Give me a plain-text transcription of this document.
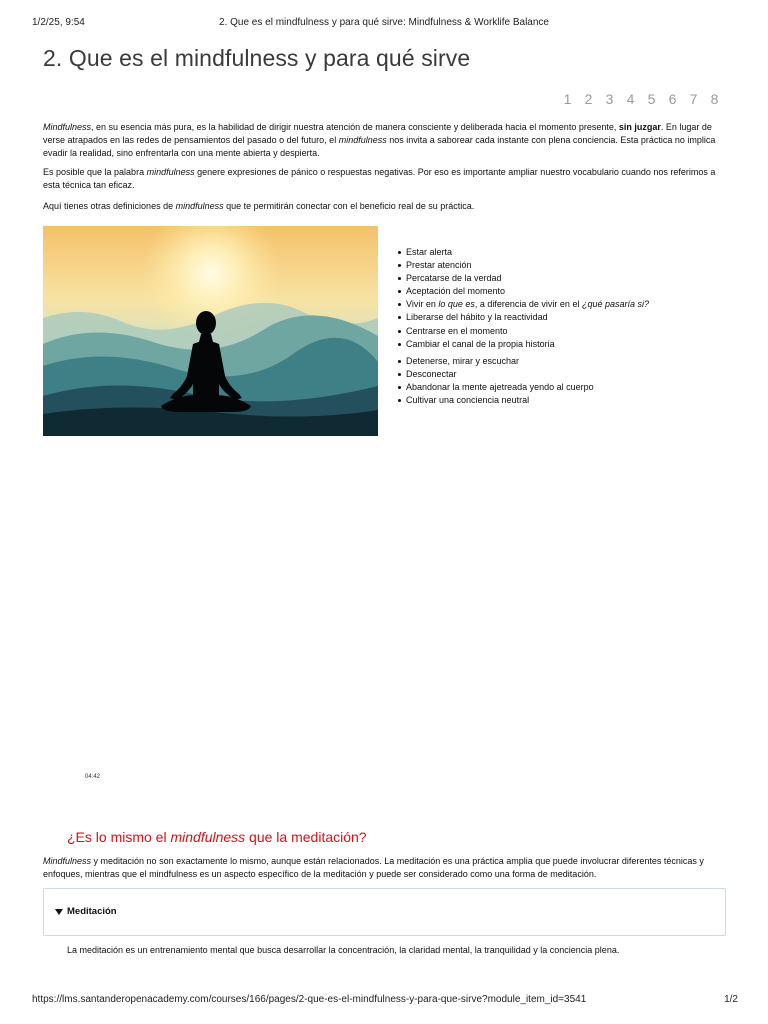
1/2/25, 9:54	2. Que es el mindfulness y para qué sirve: Mindfulness & Worklife Balance
2. Que es el mindfulness y para qué sirve
1 2 3 4 5 6 7 8

Mindfulness, en su esencia más pura, es la habilidad de dirigir nuestra atención de manera consciente y deliberada hacia el momento presente, sin juzgar. En lugar de verse atrapados en las redes de pensamientos del pasado o del futuro, el mindfulness nos invita a saborear cada instante con plena conciencia. Esta práctica no implica evadir la realidad, sino enfrentarla con una mente abierta y despierta.

Es posible que la palabra mindfulness genere expresiones de pánico o respuestas negativas. Por eso es importante ampliar nuestro vocabulario cuando nos referimos a esta técnica tan eficaz.

Aquí tienes otras definiciones de mindfulness que te permitirán conectar con el beneficio real de su práctica.

Estar alerta
Prestar atención
Percatarse de la verdad
Aceptación del momento
Vivir en lo que es, a diferencia de vivir en el ¿qué pasaría si?
Liberarse del hábito y la reactividad
Centrarse en el momento
Cambiar el canal de la propia historia
Detenerse, mirar y escuchar
Desconectar
Abandonar la mente ajetreada yendo al cuerpo
Cultivar una conciencia neutral
04:42
¿Es lo mismo el mindfulness que la meditación?

Mindfulness y meditación no son exactamente lo mismo, aunque están relacionados. La meditación es una práctica amplia que puede involucrar diferentes técnicas y enfoques, mientras que el mindfulness es un aspecto específico de la meditación y puede ser considerado como una forma de meditación.

Meditación
La meditación es un entrenamiento mental que busca desarrollar la concentración, la claridad mental, la tranquilidad y la conciencia plena.
https://lms.santanderopenacademy.com/courses/166/pages/2-que-es-el-mindfulness-y-para-que-sirve?module_item_id=3541	1/2
